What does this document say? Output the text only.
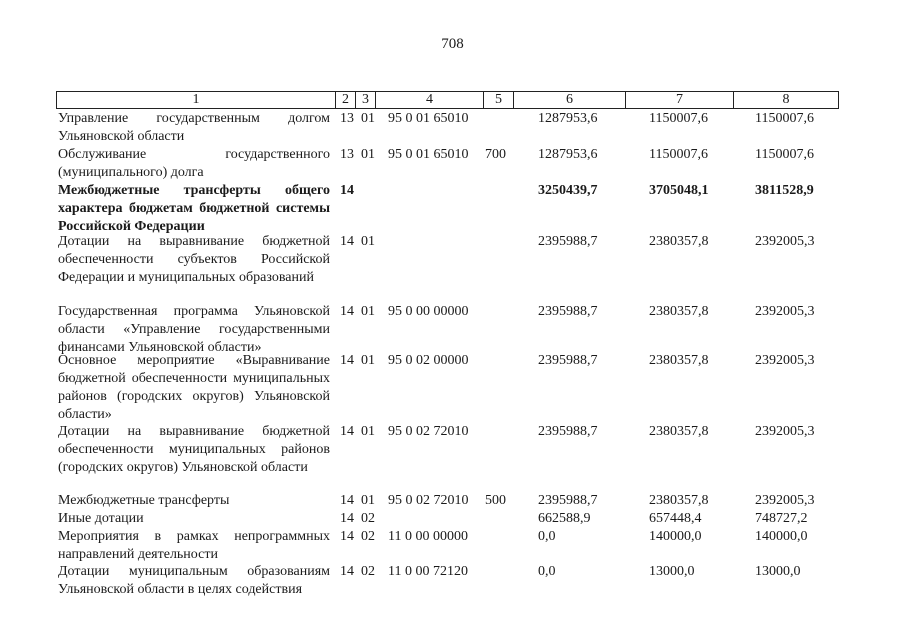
708
1	2 3	4	5	6	7	8
Управление государственным долгом Ульяновской области
13 01 95 0 01 65010	1287953,6	1150007,6	1150007,6
Обслуживание государственного (муниципального) долга
13 01 95 0 01 65010	700	1287953,6	1150007,6	1150007,6
Межбюджетные трансферты общего характера бюджетам бюджетной системы Российской Федерации
14	3250439,7	3705048,1	3811528,9
Дотации на выравнивание бюджетной обеспеченности субъектов Российской Федерации и муниципальных образований
14 01	2395988,7	2380357,8	2392005,3
Государственная программа Ульяновской области «Управление государственными финансами Ульяновской области»
14 01 95 0 00 00000	2395988,7	2380357,8	2392005,3
Основное мероприятие «Выравнивание бюджетной обеспеченности муниципальных районов (городских округов) Ульяновской области»
14 01 95 0 02 00000	2395988,7	2380357,8	2392005,3
Дотации на выравнивание бюджетной обеспеченности муниципальных районов (городских округов) Ульяновской области
14 01 95 0 02 72010	2395988,7	2380357,8	2392005,3
Межбюджетные трансферты	14 01 95 0 02 72010	500	2395988,7	2380357,8	2392005,3
Иные дотации	14 02	662588,9	657448,4	748727,2
Мероприятия в рамках непрограммных направлений деятельности
14 02 11 0 00 00000	0,0	140000,0	140000,0
Дотации муниципальным образованиям Ульяновской области в целях содействия
14 02 11 0 00 72120	0,0	13000,0	13000,0
